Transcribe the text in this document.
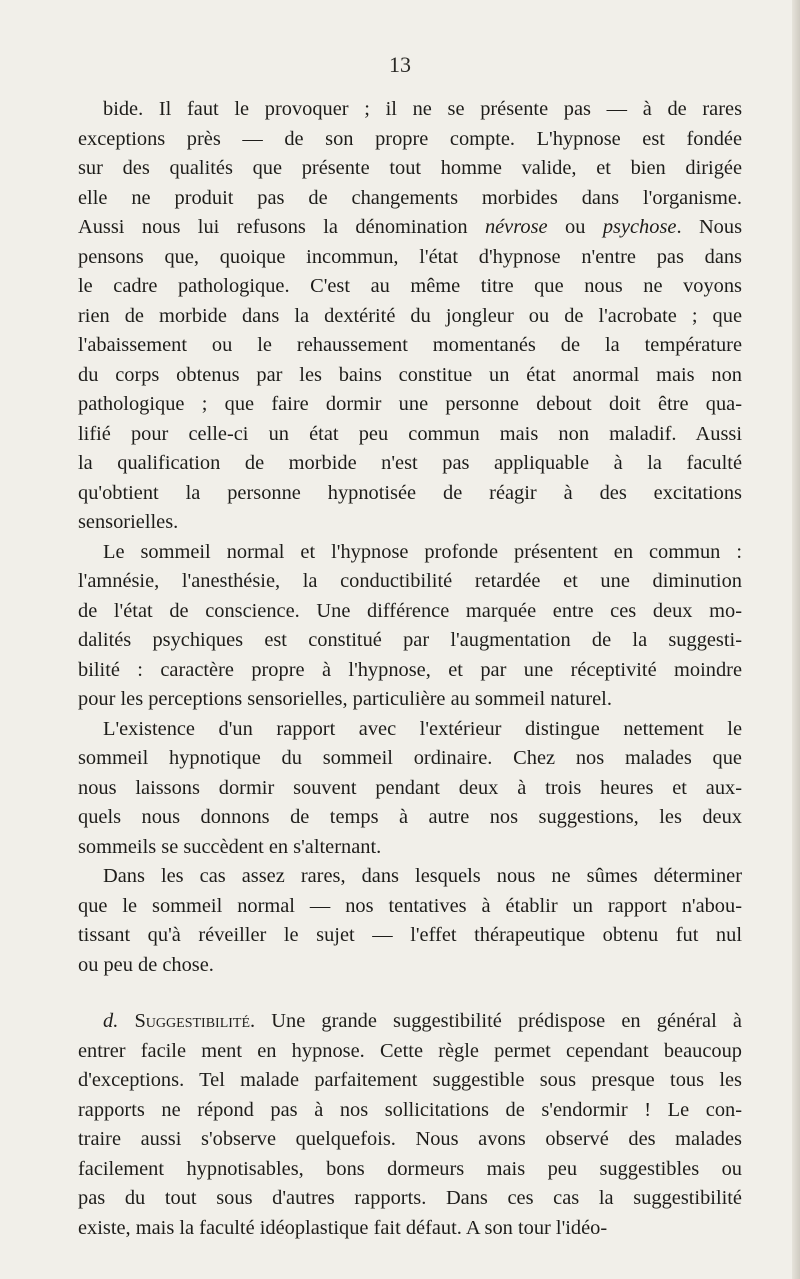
13
bide. Il faut le provoquer ; il ne se présente pas — à de rares
exceptions près — de son propre compte. L'hypnose est fondée
sur des qualités que présente tout homme valide, et bien dirigée
elle ne produit pas de changements morbides dans l'organisme.
Aussi nous lui refusons la dénomination névrose ou psychose. Nous
pensons que, quoique incommun, l'état d'hypnose n'entre pas dans
le cadre pathologique. C'est au même titre que nous ne voyons
rien de morbide dans la dextérité du jongleur ou de l'acrobate ; que
l'abaissement ou le rehaussement momentanés de la température
du corps obtenus par les bains constitue un état anormal mais non
pathologique ; que faire dormir une personne debout doit être qua-
lifié pour celle-ci un état peu commun mais non maladif. Aussi
la qualification de morbide n'est pas appliquable à la faculté
qu'obtient la personne hypnotisée de réagir à des excitations
sensorielles.
Le sommeil normal et l'hypnose profonde présentent en commun :
l'amnésie, l'anesthésie, la conductibilité retardée et une diminution
de l'état de conscience. Une différence marquée entre ces deux mo-
dalités psychiques est constitué par l'augmentation de la suggesti-
bilité : caractère propre à l'hypnose, et par une réceptivité moindre
pour les perceptions sensorielles, particulière au sommeil naturel.
L'existence d'un rapport avec l'extérieur distingue nettement le
sommeil hypnotique du sommeil ordinaire. Chez nos malades que
nous laissons dormir souvent pendant deux à trois heures et aux-
quels nous donnons de temps à autre nos suggestions, les deux
sommeils se succèdent en s'alternant.
Dans les cas assez rares, dans lesquels nous ne sûmes déterminer
que le sommeil normal — nos tentatives à établir un rapport n'abou-
tissant qu'à réveiller le sujet — l'effet thérapeutique obtenu fut nul
ou peu de chose.
d. Suggestibilité. Une grande suggestibilité prédispose en général à
entrer facile ment en hypnose. Cette règle permet cependant beaucoup
d'exceptions. Tel malade parfaitement suggestible sous presque tous les
rapports ne répond pas à nos sollicitations de s'endormir ! Le con-
traire aussi s'observe quelquefois. Nous avons observé des malades
facilement hypnotisables, bons dormeurs mais peu suggestibles ou
pas du tout sous d'autres rapports. Dans ces cas la suggestibilité
existe, mais la faculté idéoplastique fait défaut. A son tour l'idéo-
